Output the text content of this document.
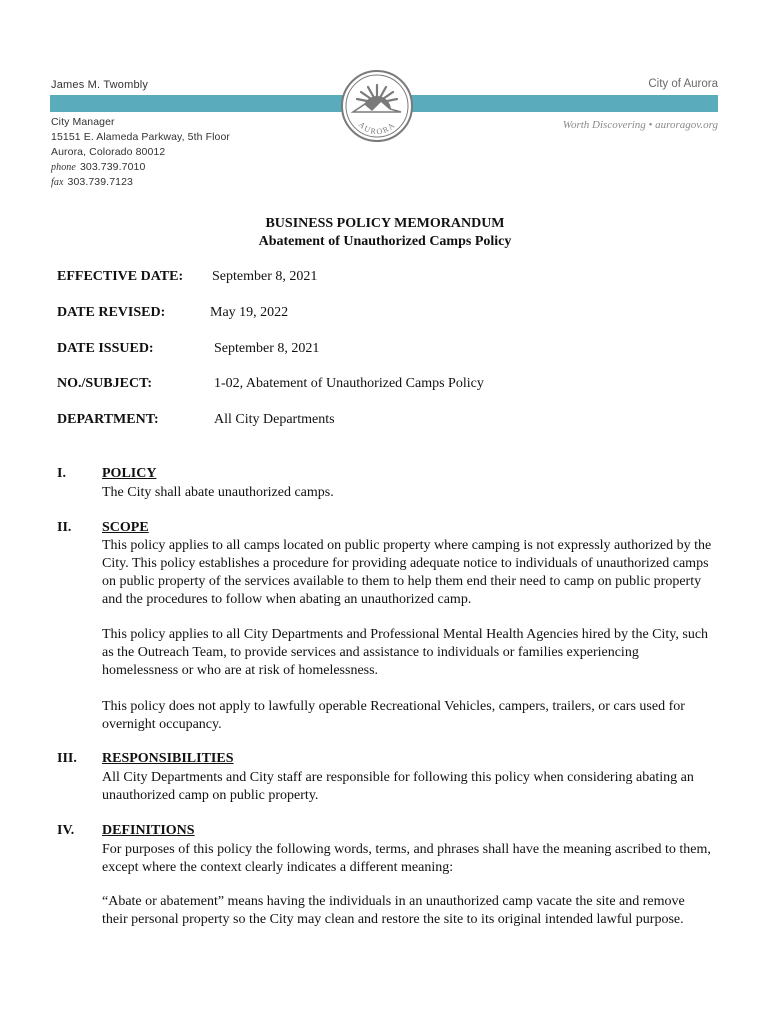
James M. Twombly	City of Aurora
Worth Discovering • auroragov.org
City Manager
15151 E. Alameda Parkway, 5th Floor
Aurora, Colorado 80012
phone 303.739.7010
fax 303.739.7123
AURORA
BUSINESS POLICY MEMORANDUM
Abatement of Unauthorized Camps Policy
EFFECTIVE DATE: September 8, 2021
DATE REVISED:	May 19, 2022
DATE ISSUED:	September 8, 2021
NO./SUBJECT:	1-02, Abatement of Unauthorized Camps Policy
DEPARTMENT:	All City Departments
I.	POLICY

The City shall abate unauthorized camps.

II. SCOPE

This policy applies to all camps located on public property where camping is not expressly authorized by the City. This policy establishes a procedure for providing adequate notice to individuals of unauthorized camps on public property of the services available to them to help them end their need to camp on public property and the procedures to follow when abating an unauthorized camp.

This policy applies to all City Departments and Professional Mental Health Agencies hired by the City, such as the Outreach Team, to provide services and assistance to individuals or families experiencing homelessness or who are at risk of homelessness.

This policy does not apply to lawfully operable Recreational Vehicles, campers, trailers, or cars used for overnight occupancy.

III. RESPONSIBILITIES

All City Departments and City staff are responsible for following this policy when considering abating an unauthorized camp on public property.

IV. DEFINITIONS

For purposes of this policy the following words, terms, and phrases shall have the meaning ascribed to them, except where the context clearly indicates a different meaning:

“Abate or abatement” means having the individuals in an unauthorized camp vacate the site and remove their personal property so the City may clean and restore the site to its original intended lawful purpose.
